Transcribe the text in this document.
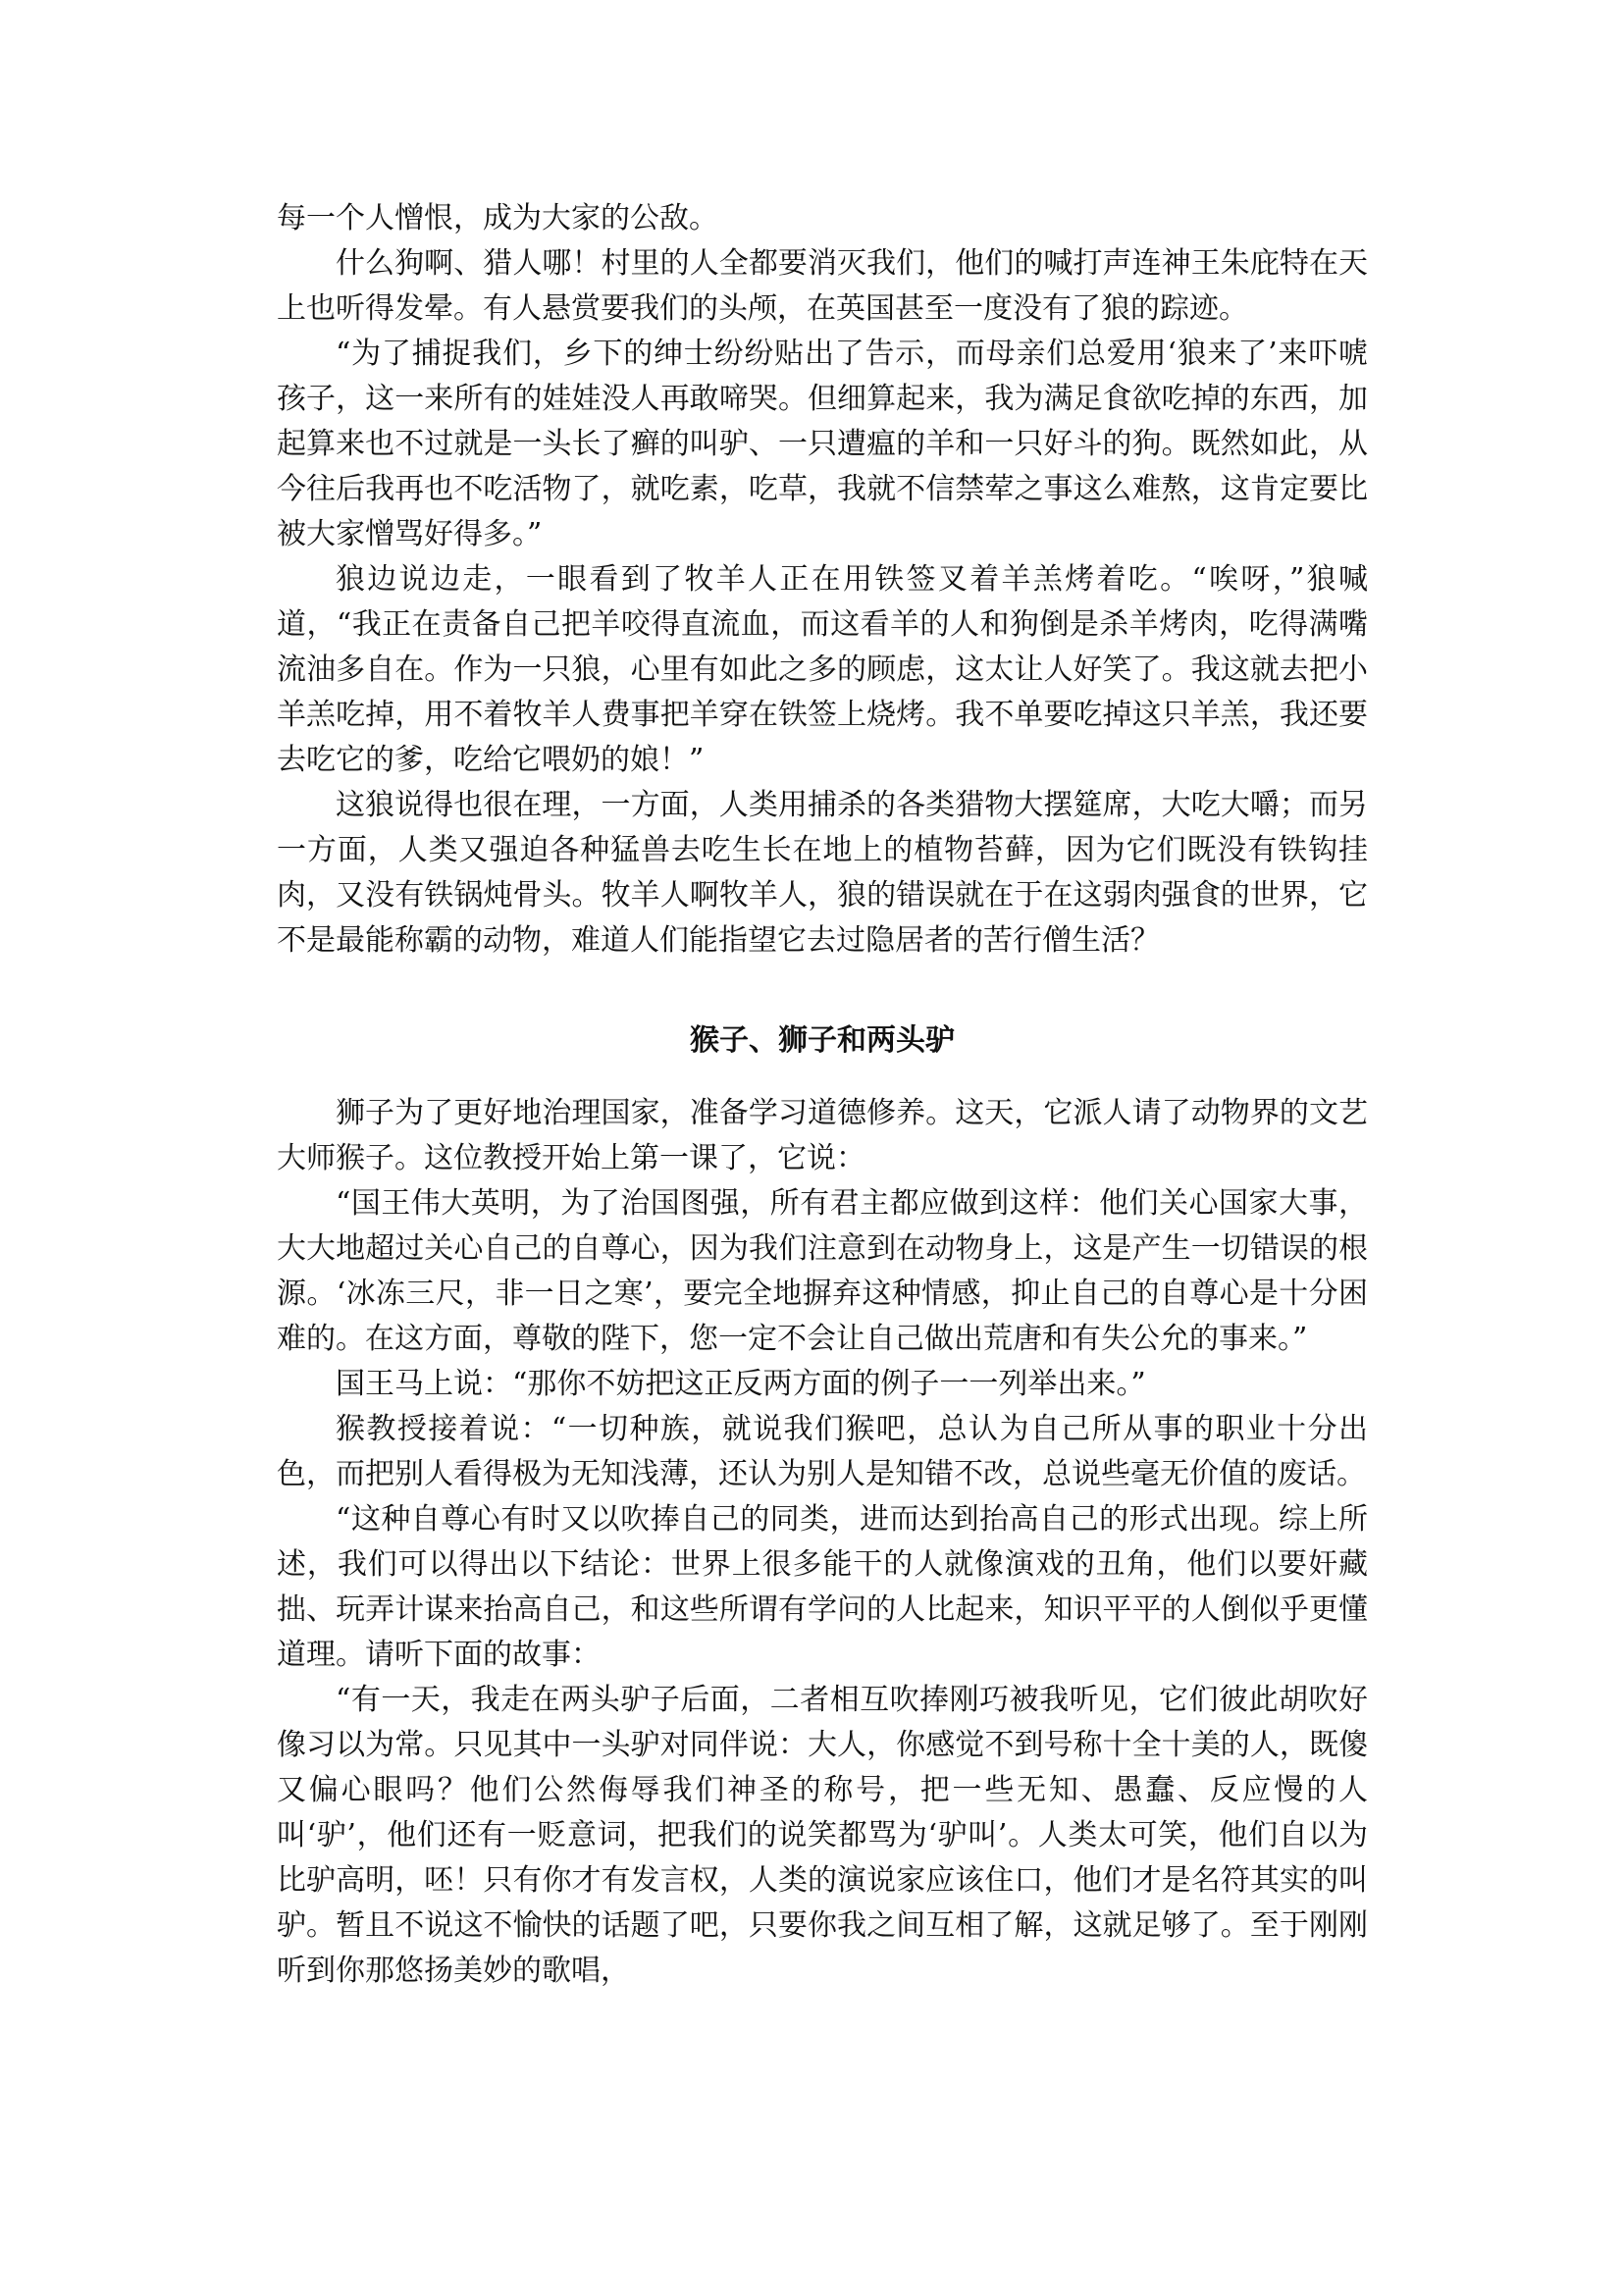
每一个人憎恨，成为大家的公敌。

什么狗啊、猎人哪！村里的人全都要消灭我们，他们的喊打声连神王朱庇特在天上也听得发晕。有人悬赏要我们的头颅，在英国甚至一度没有了狼的踪迹。

“为了捕捉我们，乡下的绅士纷纷贴出了告示，而母亲们总爱用‘狼来了’来吓唬孩子，这一来所有的娃娃没人再敢啼哭。但细算起来，我为满足食欲吃掉的东西，加起算来也不过就是一头长了癣的叫驴、一只遭瘟的羊和一只好斗的狗。既然如此，从今往后我再也不吃活物了，就吃素，吃草，我就不信禁荤之事这么难熬，这肯定要比被大家憎骂好得多。”

狼边说边走，一眼看到了牧羊人正在用铁签叉着羊羔烤着吃。“唉呀，”狼喊道，“我正在责备自己把羊咬得直流血，而这看羊的人和狗倒是杀羊烤肉，吃得满嘴流油多自在。作为一只狼，心里有如此之多的顾虑，这太让人好笑了。我这就去把小羊羔吃掉，用不着牧羊人费事把羊穿在铁签上烧烤。我不单要吃掉这只羊羔，我还要去吃它的爹，吃给它喂奶的娘！”

这狼说得也很在理，一方面，人类用捕杀的各类猎物大摆筵席，大吃大嚼；而另一方面，人类又强迫各种猛兽去吃生长在地上的植物苔藓，因为它们既没有铁钩挂肉，又没有铁锅炖骨头。牧羊人啊牧羊人，狼的错误就在于在这弱肉强食的世界，它不是最能称霸的动物，难道人们能指望它去过隐居者的苦行僧生活？

猴子、狮子和两头驴

狮子为了更好地治理国家，准备学习道德修养。这天，它派人请了动物界的文艺大师猴子。这位教授开始上第一课了，它说：

“国王伟大英明，为了治国图强，所有君主都应做到这样：他们关心国家大事，大大地超过关心自己的自尊心，因为我们注意到在动物身上，这是产生一切错误的根源。‘冰冻三尺，非一日之寒’，要完全地摒弃这种情感，抑止自己的自尊心是十分困难的。在这方面，尊敬的陛下，您一定不会让自己做出荒唐和有失公允的事来。”

国王马上说：“那你不妨把这正反两方面的例子一一列举出来。”

猴教授接着说：“一切种族，就说我们猴吧，总认为自己所从事的职业十分出色，而把别人看得极为无知浅薄，还认为别人是知错不改，总说些毫无价值的废话。

“这种自尊心有时又以吹捧自己的同类，进而达到抬高自己的形式出现。综上所述，我们可以得出以下结论：世界上很多能干的人就像演戏的丑角，他们以要奸藏拙、玩弄计谋来抬高自己，和这些所谓有学问的人比起来，知识平平的人倒似乎更懂道理。请听下面的故事：

“有一天，我走在两头驴子后面，二者相互吹捧刚巧被我听见，它们彼此胡吹好像习以为常。只见其中一头驴对同伴说：大人，你感觉不到号称十全十美的人，既傻又偏心眼吗？他们公然侮辱我们神圣的称号，把一些无知、愚蠢、反应慢的人叫‘驴’，他们还有一贬意词，把我们的说笑都骂为‘驴叫’。人类太可笑，他们自以为比驴高明，呸！只有你才有发言权，人类的演说家应该住口，他们才是名符其实的叫驴。暂且不说这不愉快的话题了吧，只要你我之间互相了解，这就足够了。至于刚刚听到你那悠扬美妙的歌唱，
